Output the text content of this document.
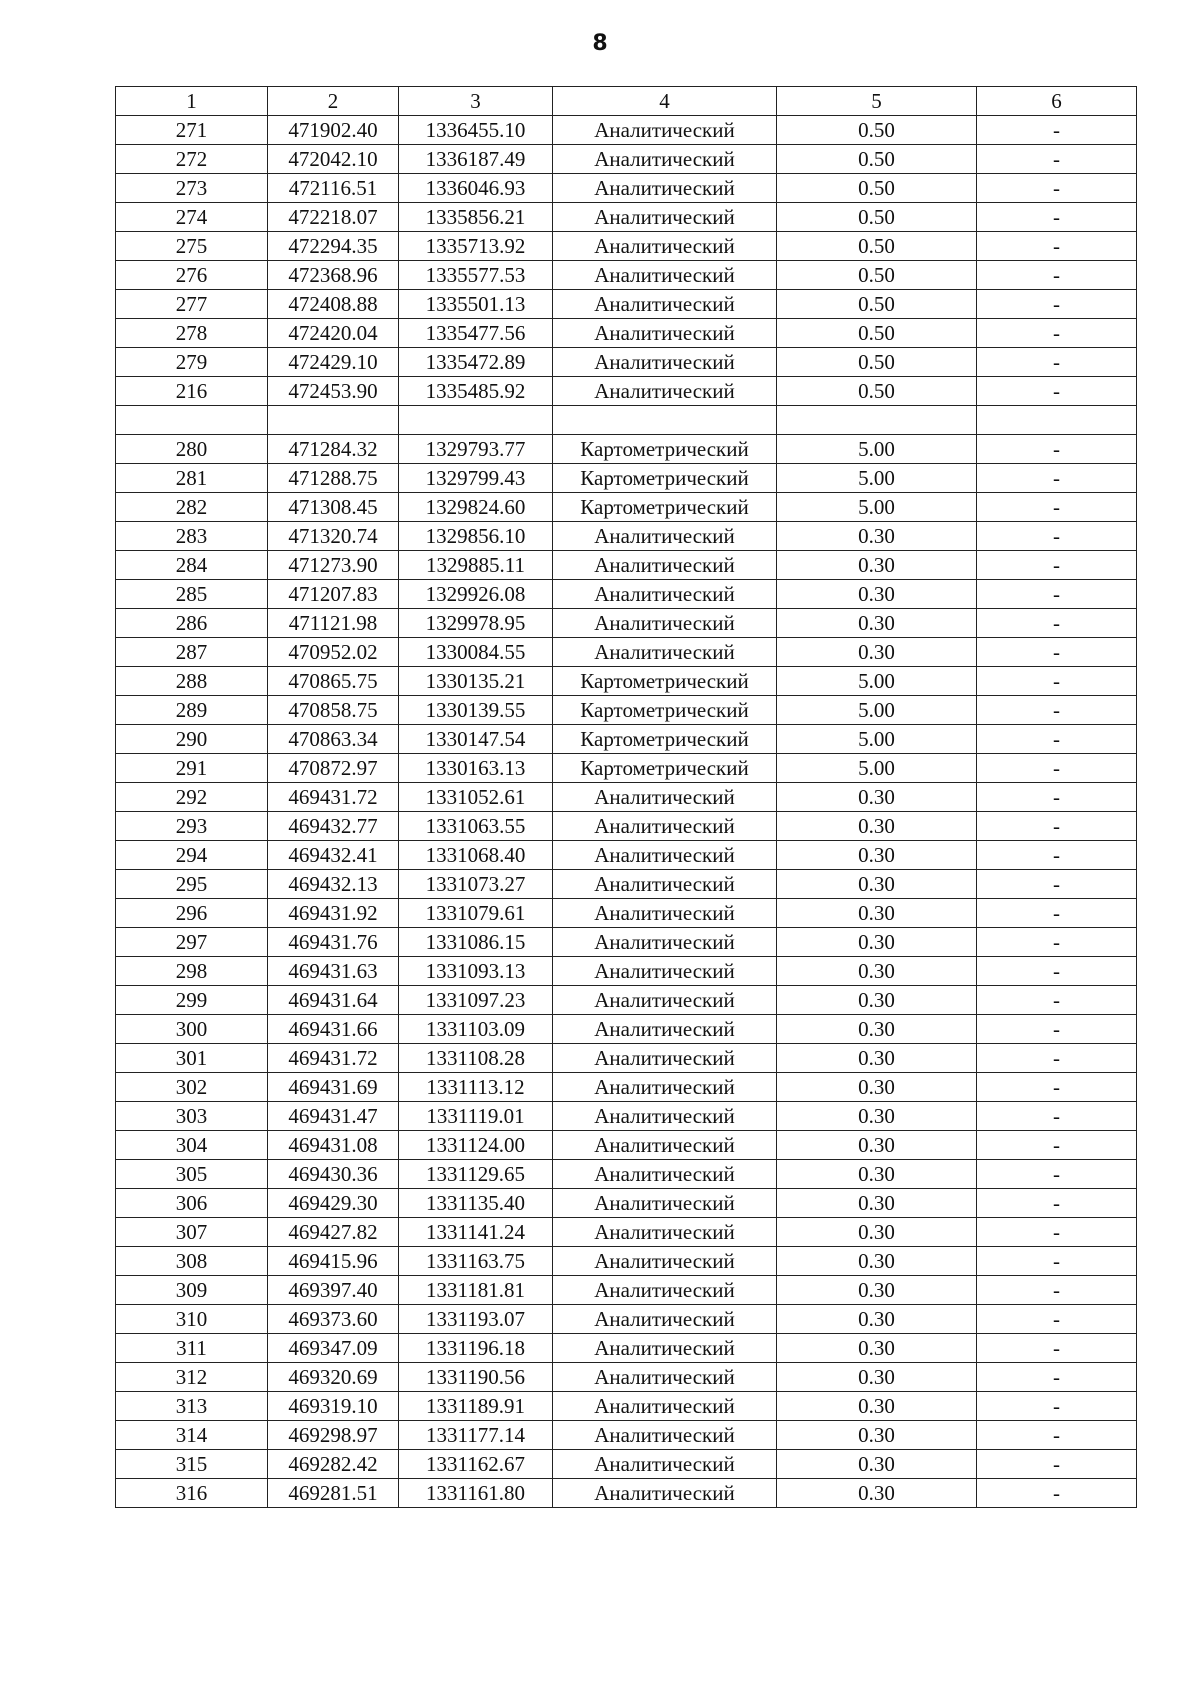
8
1	2	3	4	5	6
271	471902.40	1336455.10	Аналитический	0.50	-
272	472042.10	1336187.49	Аналитический	0.50	-
273	472116.51	1336046.93	Аналитический	0.50	-
274	472218.07	1335856.21	Аналитический	0.50	-
275	472294.35	1335713.92	Аналитический	0.50	-
276	472368.96	1335577.53	Аналитический	0.50	-
277	472408.88	1335501.13	Аналитический	0.50	-
278	472420.04	1335477.56	Аналитический	0.50	-
279	472429.10	1335472.89	Аналитический	0.50	-
216	472453.90	1335485.92	Аналитический	0.50	-

280	471284.32	1329793.77	Картометрический	5.00	-
281	471288.75	1329799.43	Картометрический	5.00	-
282	471308.45	1329824.60	Картометрический	5.00	-
283	471320.74	1329856.10	Аналитический	0.30	-
284	471273.90	1329885.11	Аналитический	0.30	-
285	471207.83	1329926.08	Аналитический	0.30	-
286	471121.98	1329978.95	Аналитический	0.30	-
287	470952.02	1330084.55	Аналитический	0.30	-
288	470865.75	1330135.21	Картометрический	5.00	-
289	470858.75	1330139.55	Картометрический	5.00	-
290	470863.34	1330147.54	Картометрический	5.00	-
291	470872.97	1330163.13	Картометрический	5.00	-
292	469431.72	1331052.61	Аналитический	0.30	-
293	469432.77	1331063.55	Аналитический	0.30	-
294	469432.41	1331068.40	Аналитический	0.30	-
295	469432.13	1331073.27	Аналитический	0.30	-
296	469431.92	1331079.61	Аналитический	0.30	-
297	469431.76	1331086.15	Аналитический	0.30	-
298	469431.63	1331093.13	Аналитический	0.30	-
299	469431.64	1331097.23	Аналитический	0.30	-
300	469431.66	1331103.09	Аналитический	0.30	-
301	469431.72	1331108.28	Аналитический	0.30	-
302	469431.69	1331113.12	Аналитический	0.30	-
303	469431.47	1331119.01	Аналитический	0.30	-
304	469431.08	1331124.00	Аналитический	0.30	-
305	469430.36	1331129.65	Аналитический	0.30	-
306	469429.30	1331135.40	Аналитический	0.30	-
307	469427.82	1331141.24	Аналитический	0.30	-
308	469415.96	1331163.75	Аналитический	0.30	-
309	469397.40	1331181.81	Аналитический	0.30	-
310	469373.60	1331193.07	Аналитический	0.30	-
311	469347.09	1331196.18	Аналитический	0.30	-
312	469320.69	1331190.56	Аналитический	0.30	-
313	469319.10	1331189.91	Аналитический	0.30	-
314	469298.97	1331177.14	Аналитический	0.30	-
315	469282.42	1331162.67	Аналитический	0.30	-
316	469281.51	1331161.80	Аналитический	0.30	-
